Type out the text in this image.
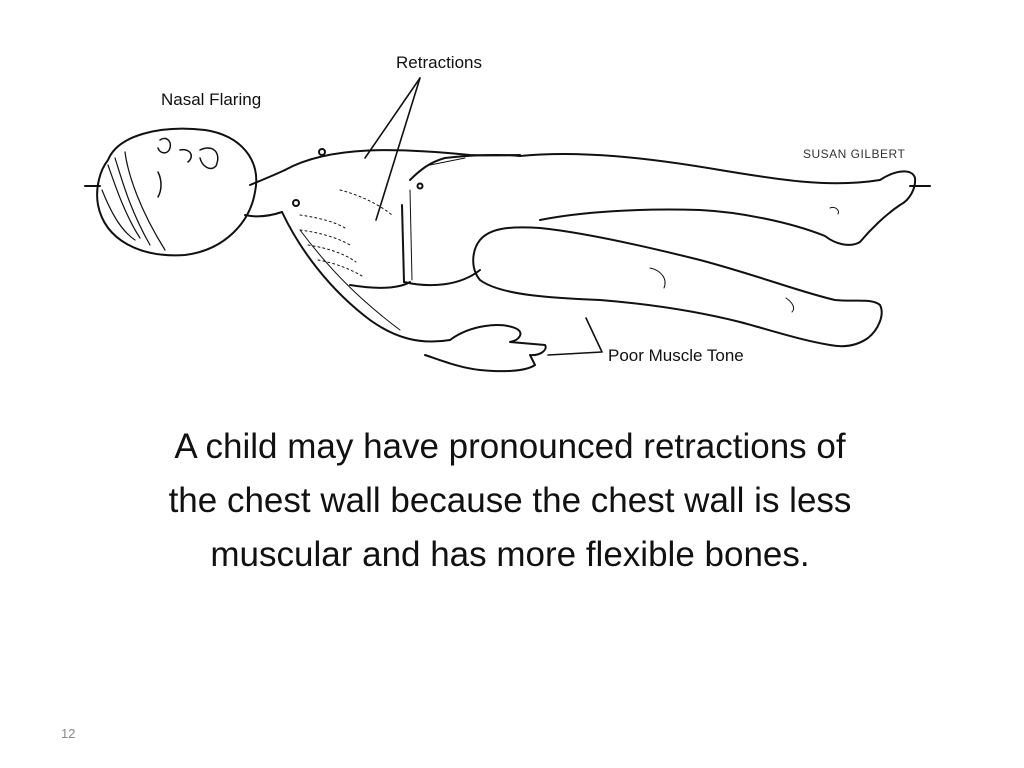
Retractions
Nasal Flaring
Poor Muscle Tone
SUSAN GILBERT
A child may have pronounced retractions of
the chest wall because the chest wall is less
muscular and has more flexible bones.
12
